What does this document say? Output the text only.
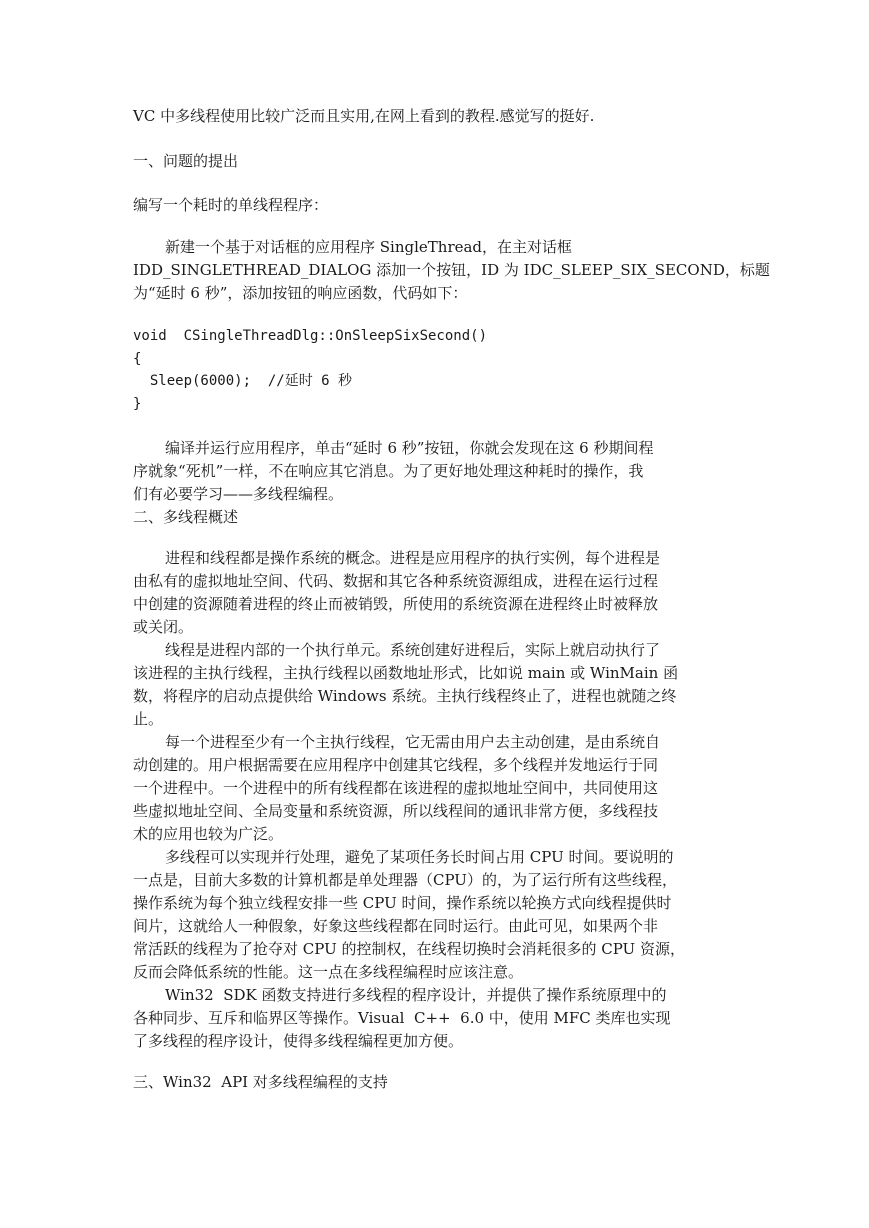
VC 中多线程使用比较广泛而且实用,在网上看到的教程.感觉写的挺好.
一、问题的提出
编写一个耗时的单线程程序：
新建一个基于对话框的应用程序 SingleThread，在主对话框
IDD_SINGLETHREAD_DIALOG 添加一个按钮，ID 为 IDC_SLEEP_SIX_SECOND，标题
为“延时 6 秒”，添加按钮的响应函数，代码如下：
void  CSingleThreadDlg::OnSleepSixSecond()
{
Sleep(6000);  //延时 6 秒
}
编译并运行应用程序，单击“延时 6 秒”按钮，你就会发现在这 6 秒期间程
序就象“死机”一样，不在响应其它消息。为了更好地处理这种耗时的操作，我
们有必要学习——多线程编程。
二、多线程概述
进程和线程都是操作系统的概念。进程是应用程序的执行实例，每个进程是
由私有的虚拟地址空间、代码、数据和其它各种系统资源组成，进程在运行过程
中创建的资源随着进程的终止而被销毁，所使用的系统资源在进程终止时被释放
或关闭。
线程是进程内部的一个执行单元。系统创建好进程后，实际上就启动执行了
该进程的主执行线程，主执行线程以函数地址形式，比如说 main 或 WinMain 函
数，将程序的启动点提供给 Windows 系统。主执行线程终止了，进程也就随之终
止。
每一个进程至少有一个主执行线程，它无需由用户去主动创建，是由系统自
动创建的。用户根据需要在应用程序中创建其它线程，多个线程并发地运行于同
一个进程中。一个进程中的所有线程都在该进程的虚拟地址空间中，共同使用这
些虚拟地址空间、全局变量和系统资源，所以线程间的通讯非常方便，多线程技
术的应用也较为广泛。
多线程可以实现并行处理，避免了某项任务长时间占用 CPU 时间。要说明的
一点是，目前大多数的计算机都是单处理器（CPU）的，为了运行所有这些线程，
操作系统为每个独立线程安排一些 CPU 时间，操作系统以轮换方式向线程提供时
间片，这就给人一种假象，好象这些线程都在同时运行。由此可见，如果两个非
常活跃的线程为了抢夺对 CPU 的控制权，在线程切换时会消耗很多的 CPU 资源，
反而会降低系统的性能。这一点在多线程编程时应该注意。
Win32  SDK 函数支持进行多线程的程序设计，并提供了操作系统原理中的
各种同步、互斥和临界区等操作。Visual  C++  6.0 中，使用 MFC 类库也实现
了多线程的程序设计，使得多线程编程更加方便。
三、Win32  API 对多线程编程的支持
